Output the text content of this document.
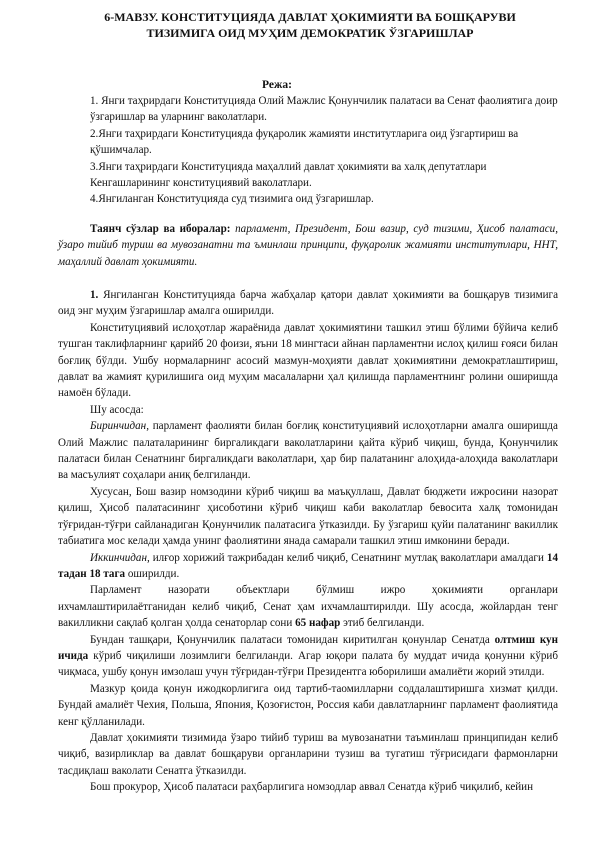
6-МАВЗУ. КОНСТИТУЦИЯДА ДАВЛАТ ҲОКИМИЯТИ ВА БОШҚАРУВИ
ТИЗИМИГА ОИД МУҲИМ ДЕМОКРАТИК ЎЗГАРИШЛАР
Режа:
1. Янги таҳрирдаги Конституцияда Олий Мажлис Қонунчилик палатаси ва Сенат фаолиятига доир ўзгаришлар ва уларнинг ваколатлари.
2.Янги таҳрирдаги Конституцияда фуқаролик жамияти институтларига оид ўзгартириш ва қўшимчалар.
3.Янги таҳрирдаги Конституцияда маҳаллий давлат ҳокимияти ва халқ депутатлари Кенгашларининг конституциявий ваколатлари.
4.Янгиланган Конституцияда суд тизимига оид ўзгаришлар.
Таянч сўзлар ва иборалар: парламент, Президент, Бош вазир, суд тизими, Ҳисоб палатаси, ўзаро тийиб туриш ва мувозанатни та ъминлаш принципи, фуқаролик жамияти институтлари, ННТ, маҳаллий давлат ҳокимияти.

1. Янгиланган Конституцияда барча жабҳалар қатори давлат ҳокимияти ва бошқарув тизимига оид энг муҳим ўзгаришлар амалга оширилди.

Конституциявий ислоҳотлар жараёнида давлат ҳокимиятини ташкил этиш бўлими бўйича келиб тушган таклифларнинг қарийб 20 фоизи, яъни 18 мингтаси айнан парламентни ислоҳ қилиш ғояси билан боғлиқ бўлди. Ушбу нормаларнинг асосий мазмун-моҳияти давлат ҳокимиятини демократлаштириш, давлат ва жамият қурилишига оид муҳим масалаларни ҳал қилишда парламентнинг ролини оширишда намоён бўлади.

Шу асосда:

Биринчидан, парламент фаолияти билан боғлиқ конституциявий ислоҳотларни амалга оширишда Олий Мажлис палаталарининг биргаликдаги ваколатларини қайта кўриб чиқиш, бунда, Қонунчилик палатаси билан Сенатнинг биргаликдаги ваколатлари, ҳар бир палатанинг алоҳида-алоҳида ваколатлари ва масъулият соҳалари аниқ белгиланди.

Хусусан, Бош вазир номзодини кўриб чиқиш ва маъқуллаш, Давлат бюджети ижросини назорат қилиш, Ҳисоб палатасининг ҳисоботини кўриб чиқиш каби ваколатлар бевосита халқ томонидан тўғридан-тўғри сайланадиган Қонунчилик палатасига ўтказилди. Бу ўзгариш қуйи палатанинг вакиллик табиатига мос келади ҳамда унинг фаолиятини янада самарали ташкил этиш имконини беради.

Иккинчидан, илғор хорижий тажрибадан келиб чиқиб, Сенатнинг мутлақ ваколатлари амалдаги 14 тадан 18 тага оширилди.

Парламент назорати объектлари бўлмиш ижро ҳокимияти органлари

ихчамлаштирилаётганидан келиб чиқиб, Сенат ҳам ихчамлаштирилди. Шу асосда, жойлардан тенг вакилликни сақлаб қолган ҳолда сенаторлар сони 65 нафар этиб белгиланди.

Бундан ташқари, Қонунчилик палатаси томонидан киритилган қонунлар Сенатда олтмиш кун ичида кўриб чиқилиши лозимлиги белгиланди. Агар юқори палата бу муддат ичида қонунни кўриб чиқмаса, ушбу қонун имзолаш учун тўғридан-тўғри Президентга юборилиши амалиёти жорий этилди.

Мазкур қоида қонун ижодкорлигига оид тартиб-таомилларни соддалаштиришга хизмат қилди. Бундай амалиёт Чехия, Польша, Япония, Қозоғистон, Россия каби давлатларнинг парламент фаолиятида кенг қўлланилади.

Давлат ҳокимияти тизимида ўзаро тийиб туриш ва мувозанатни таъминлаш принципидан келиб чиқиб, вазирликлар ва давлат бошқаруви органларини тузиш ва тугатиш тўғрисидаги фармонларни тасдиқлаш ваколати Сенатга ўтказилди.

Бош прокурор, Ҳисоб палатаси раҳбарлигига номзодлар аввал Сенатда кўриб чиқилиб, кейин
